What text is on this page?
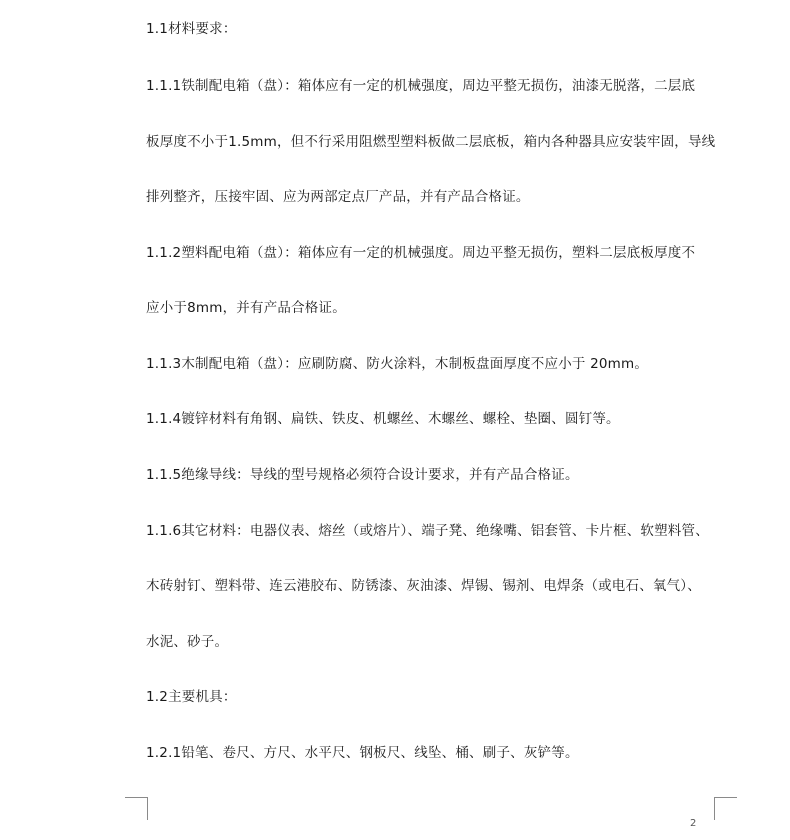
1.1材料要求：
1.1.1铁制配电箱（盘）：箱体应有一定的机械强度，周边平整无损伤，油漆无脱落，二层底
板厚度不小于1.5mm，但不行采用阻燃型塑料板做二层底板，箱内各种器具应安装牢固，导线
排列整齐，压接牢固、应为两部定点厂产品，并有产品合格证。
1.1.2塑料配电箱（盘）：箱体应有一定的机械强度。周边平整无损伤，塑料二层底板厚度不
应小于8mm，并有产品合格证。
1.1.3木制配电箱（盘）：应刷防腐、防火涂料，木制板盘面厚度不应小于 20mm。
1.1.4镀锌材料有角钢、扁铁、铁皮、机螺丝、木螺丝、螺栓、垫圈、圆钉等。
1.1.5绝缘导线：导线的型号规格必须符合设计要求，并有产品合格证。
1.1.6其它材料：电器仪表、熔丝（或熔片）、端子凳、绝缘嘴、铝套管、卡片框、软塑料管、
木砖射钉、塑料带、连云港胶布、防锈漆、灰油漆、焊锡、锡剂、电焊条（或电石、氧气）、
水泥、砂子。
1.2主要机具：
1.2.1铅笔、卷尺、方尺、水平尺、钢板尺、线坠、桶、刷子、灰铲等。
2
